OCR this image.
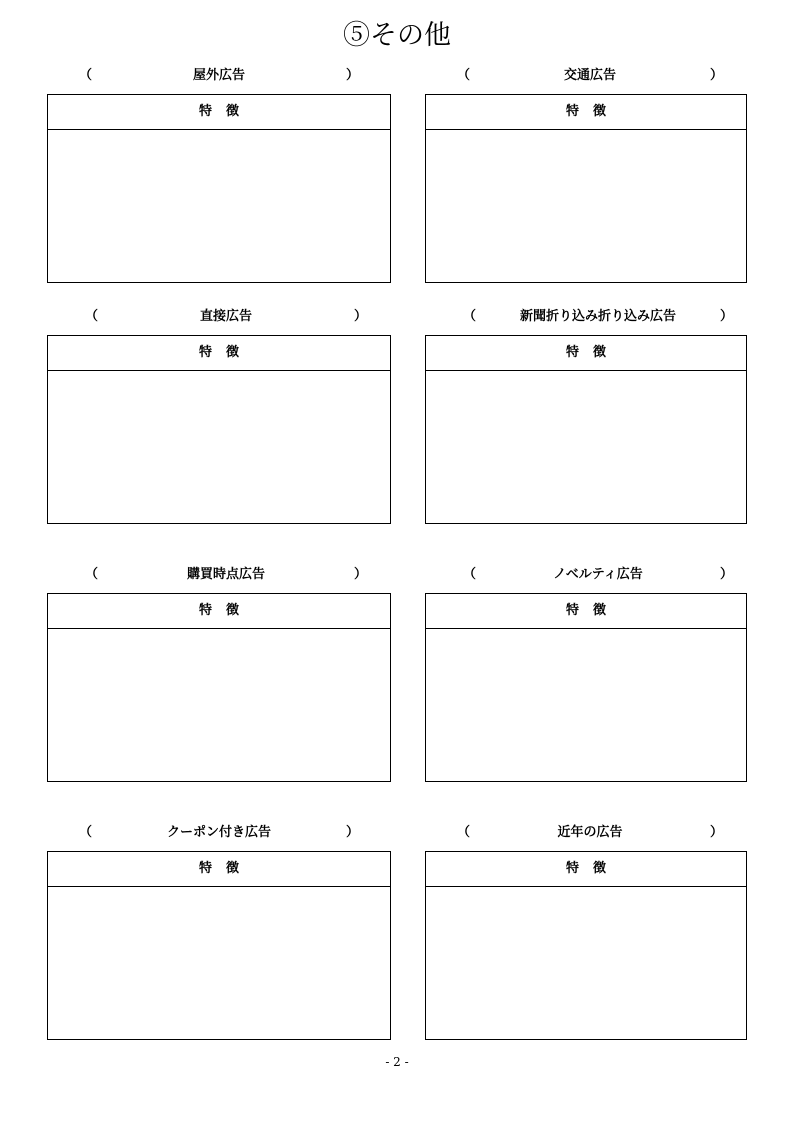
⑤その他
（	屋外広告	）
特徴
（	交通広告	）
特徴
（	直接広告	）
特徴
（	新聞折り込み折り込み広告	）
特徴
（	購買時点広告	）
特徴
（	ノベルティ広告	）
特徴
（	クーポン付き広告	）
特徴
（	近年の広告	）
特徴
- 2 -
